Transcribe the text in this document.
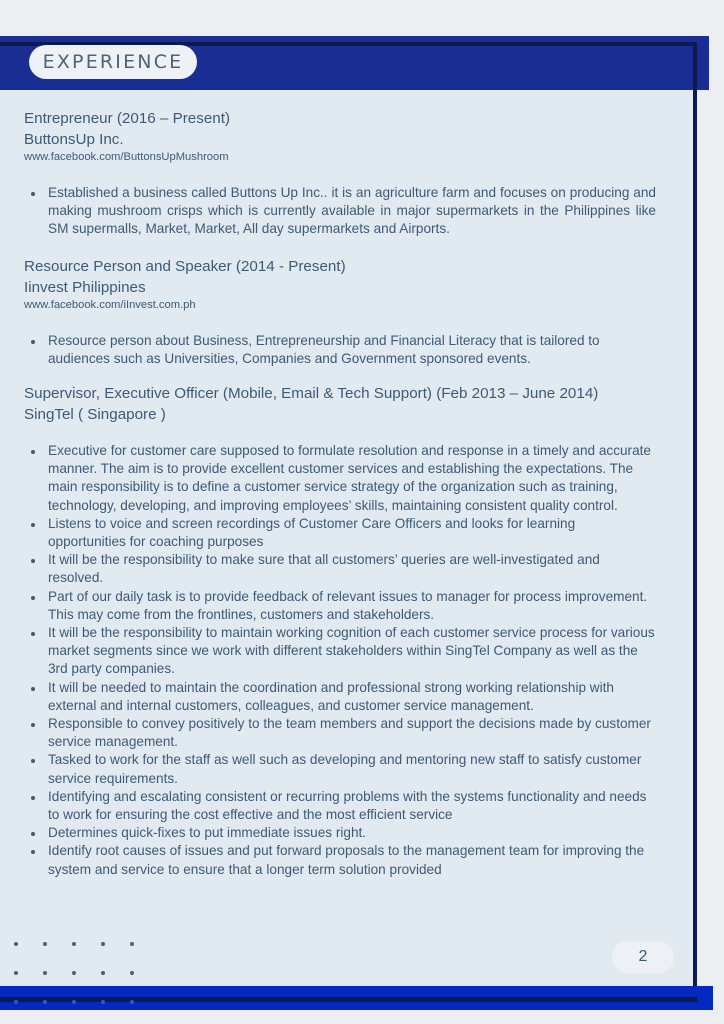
EXPERIENCE
Entrepreneur (2016 – Present)
ButtonsUp Inc.
www.facebook.com/ButtonsUpMushroom
Established a business called Buttons Up Inc.. it is an agriculture farm and focuses on producing and making mushroom crisps which is currently available in major supermarkets in the Philippines like SM supermalls, Market, Market, All day supermarkets and Airports.
Resource Person and Speaker (2014 - Present)
Iinvest Philippines
www.facebook.com/iInvest.com.ph
Resource person about Business, Entrepreneurship and Financial Literacy that is tailored to audiences such as Universities, Companies and Government sponsored events.
Supervisor, Executive Officer (Mobile, Email & Tech Support) (Feb 2013 – June 2014)
SingTel ( Singapore )
Executive for customer care supposed to formulate resolution and response in a timely and accurate manner. The aim is to provide excellent customer services and establishing the expectations. The main responsibility is to define a customer service strategy of the organization such as training, technology, developing, and improving employees’ skills, maintaining consistent quality control.
Listens to voice and screen recordings of Customer Care Officers and looks for learning opportunities for coaching purposes
It will be the responsibility to make sure that all customers’ queries are well-investigated and resolved.
Part of our daily task is to provide feedback of relevant issues to manager for process improvement. This may come from the frontlines, customers and stakeholders.
It will be the responsibility to maintain working cognition of each customer service process for various market segments since we work with different stakeholders within SingTel Company as well as the 3rd party companies.
It will be needed to maintain the coordination and professional strong working relationship with external and internal customers, colleagues, and customer service management.
Responsible to convey positively to the team members and support the decisions made by customer service management.
Tasked to work for the staff as well such as developing and mentoring new staff to satisfy customer service requirements.
Identifying and escalating consistent or recurring problems with the systems functionality and needs to work for ensuring the cost effective and the most efficient service
Determines quick-fixes to put immediate issues right.
Identify root causes of issues and put forward proposals to the management team for improving the system and service to ensure that a longer term solution provided
2
